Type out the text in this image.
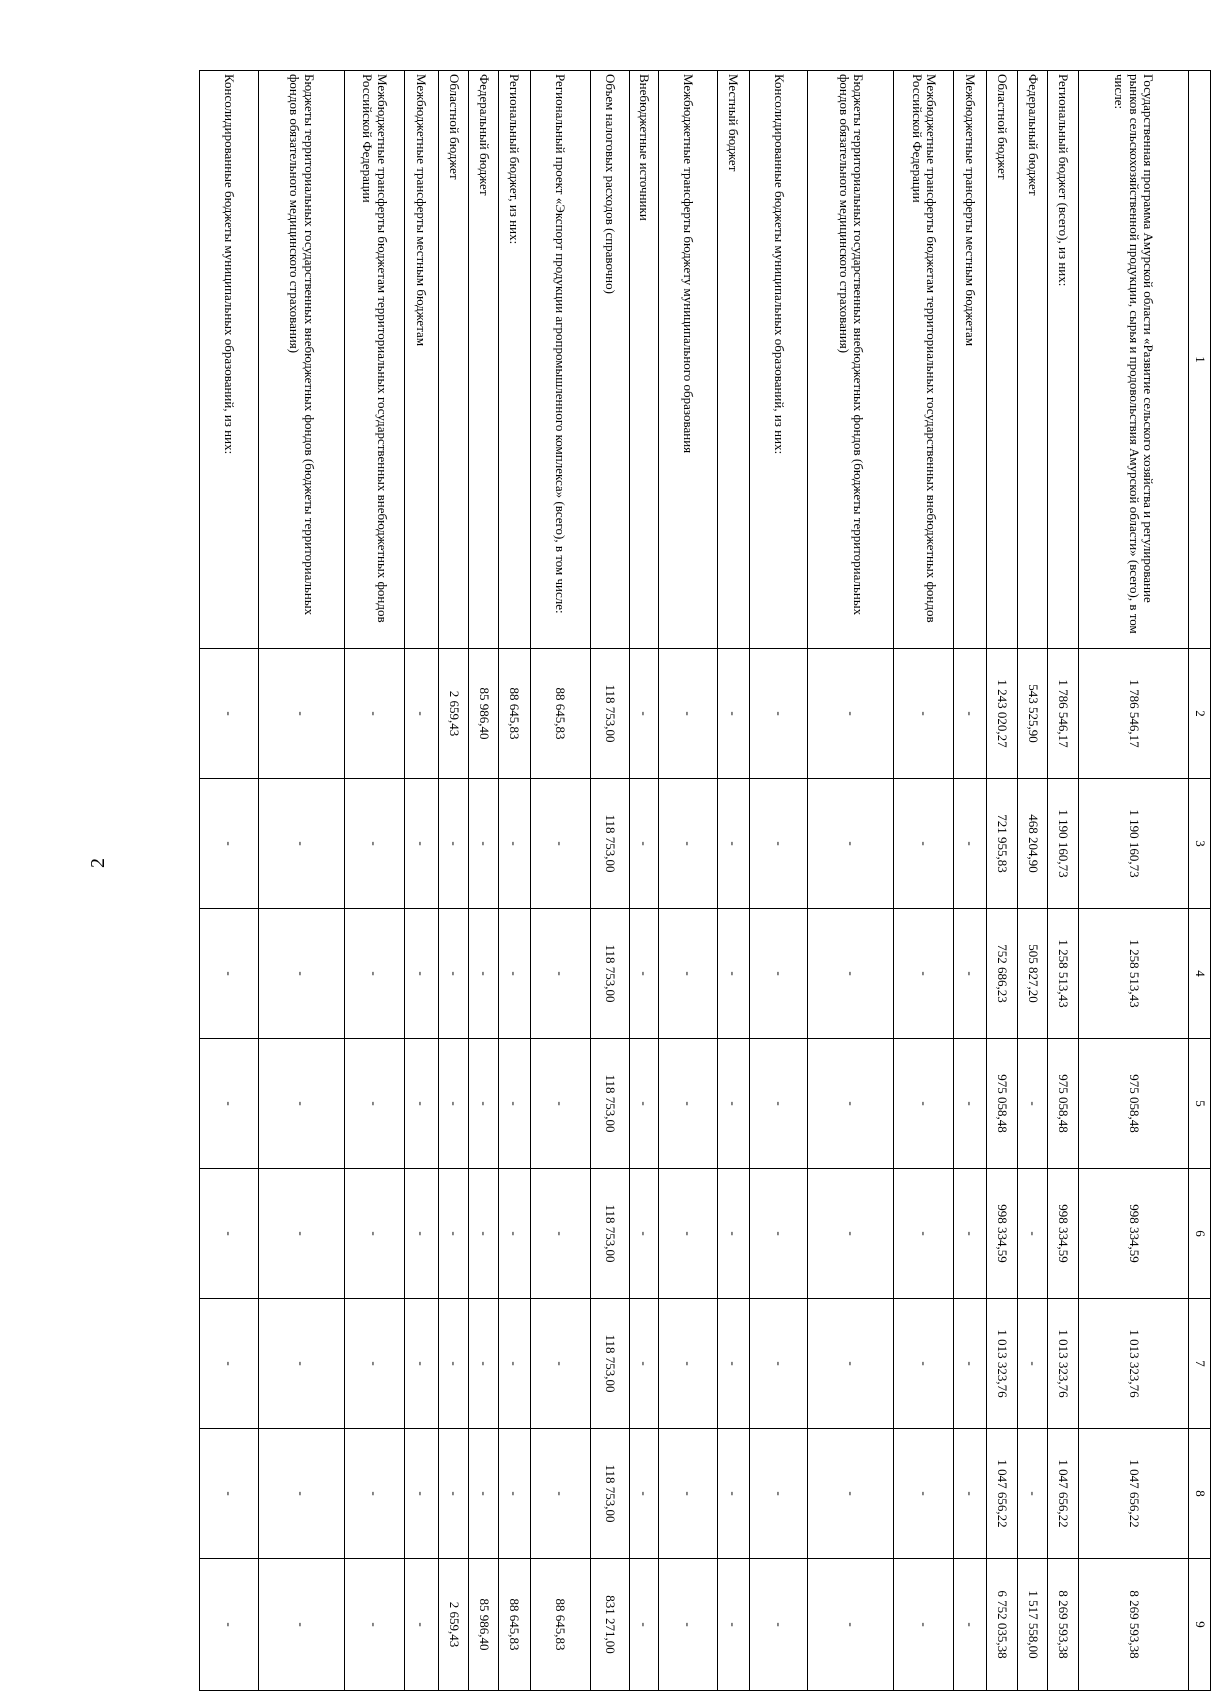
2
1	2	3	4	5	6	7	8	9
Государственная программа Амурской области «Развитие сельского хозяйства и регулирование рынков сельскохозяйственной продукции, сырья и продовольствия Амурской области» (всего), в том числе:	1 786 546,17	1 190 160,73	1 258 513,43	975 058,48	998 334,59	1 013 323,76	1 047 656,22	8 269 593,38
Региональный бюджет (всего), из них:	1 786 546,17	1 190 160,73	1 258 513,43	975 058,48	998 334,59	1 013 323,76	1 047 656,22	8 269 593,38
Федеральный бюджет	543 525,90	468 204,90	505 827,20	-	-	-	-	1 517 558,00
Областной бюджет	1 243 020,27	721 955,83	752 686,23	975 058,48	998 334,59	1 013 323,76	1 047 656,22	6 752 035,38
Межбюджетные трансферты местным бюджетам	-	-	-	-	-	-	-	-
Межбюджетные трансферты бюджетам территориальных государственных внебюджетных фондов Российской Федерации	-	-	-	-	-	-	-	-
Бюджеты территориальных государственных внебюджетных фондов (бюджеты территориальных фондов обязательного медицинского страхования)	-	-	-	-	-	-	-	-
Консолидированные бюджеты муниципальных образований, из них:	-	-	-	-	-	-	-	-
Местный бюджет	-	-	-	-	-	-	-	-
Межбюджетные трансферты бюджету муниципального образования	-	-	-	-	-	-	-	-
Внебюджетные источники	-	-	-	-	-	-	-	-
Объем налоговых расходов (справочно)	118 753,00	118 753,00	118 753,00	118 753,00	118 753,00	118 753,00	118 753,00	831 271,00
Региональный проект «Экспорт продукции агропромышленного комплекса» (всего), в том числе:	88 645,83	-	-	-	-	-	-	88 645,83
Региональный бюджет, из них:	88 645,83	-	-	-	-	-	-	88 645,83
Федеральный бюджет	85 986,40	-	-	-	-	-	-	85 986,40
Областной бюджет	2 659,43	-	-	-	-	-	-	2 659,43
Межбюджетные трансферты местным бюджетам	-	-	-	-	-	-	-	-
Межбюджетные трансферты бюджетам территориальных государственных внебюджетных фондов Российской Федерации	-	-	-	-	-	-	-	-
Бюджеты территориальных государственных внебюджетных фондов (бюджеты территориальных фондов обязательного медицинского страхования)	-	-	-	-	-	-	-	-
Консолидированные бюджеты муниципальных образований, из них:	-	-	-	-	-	-	-	-
